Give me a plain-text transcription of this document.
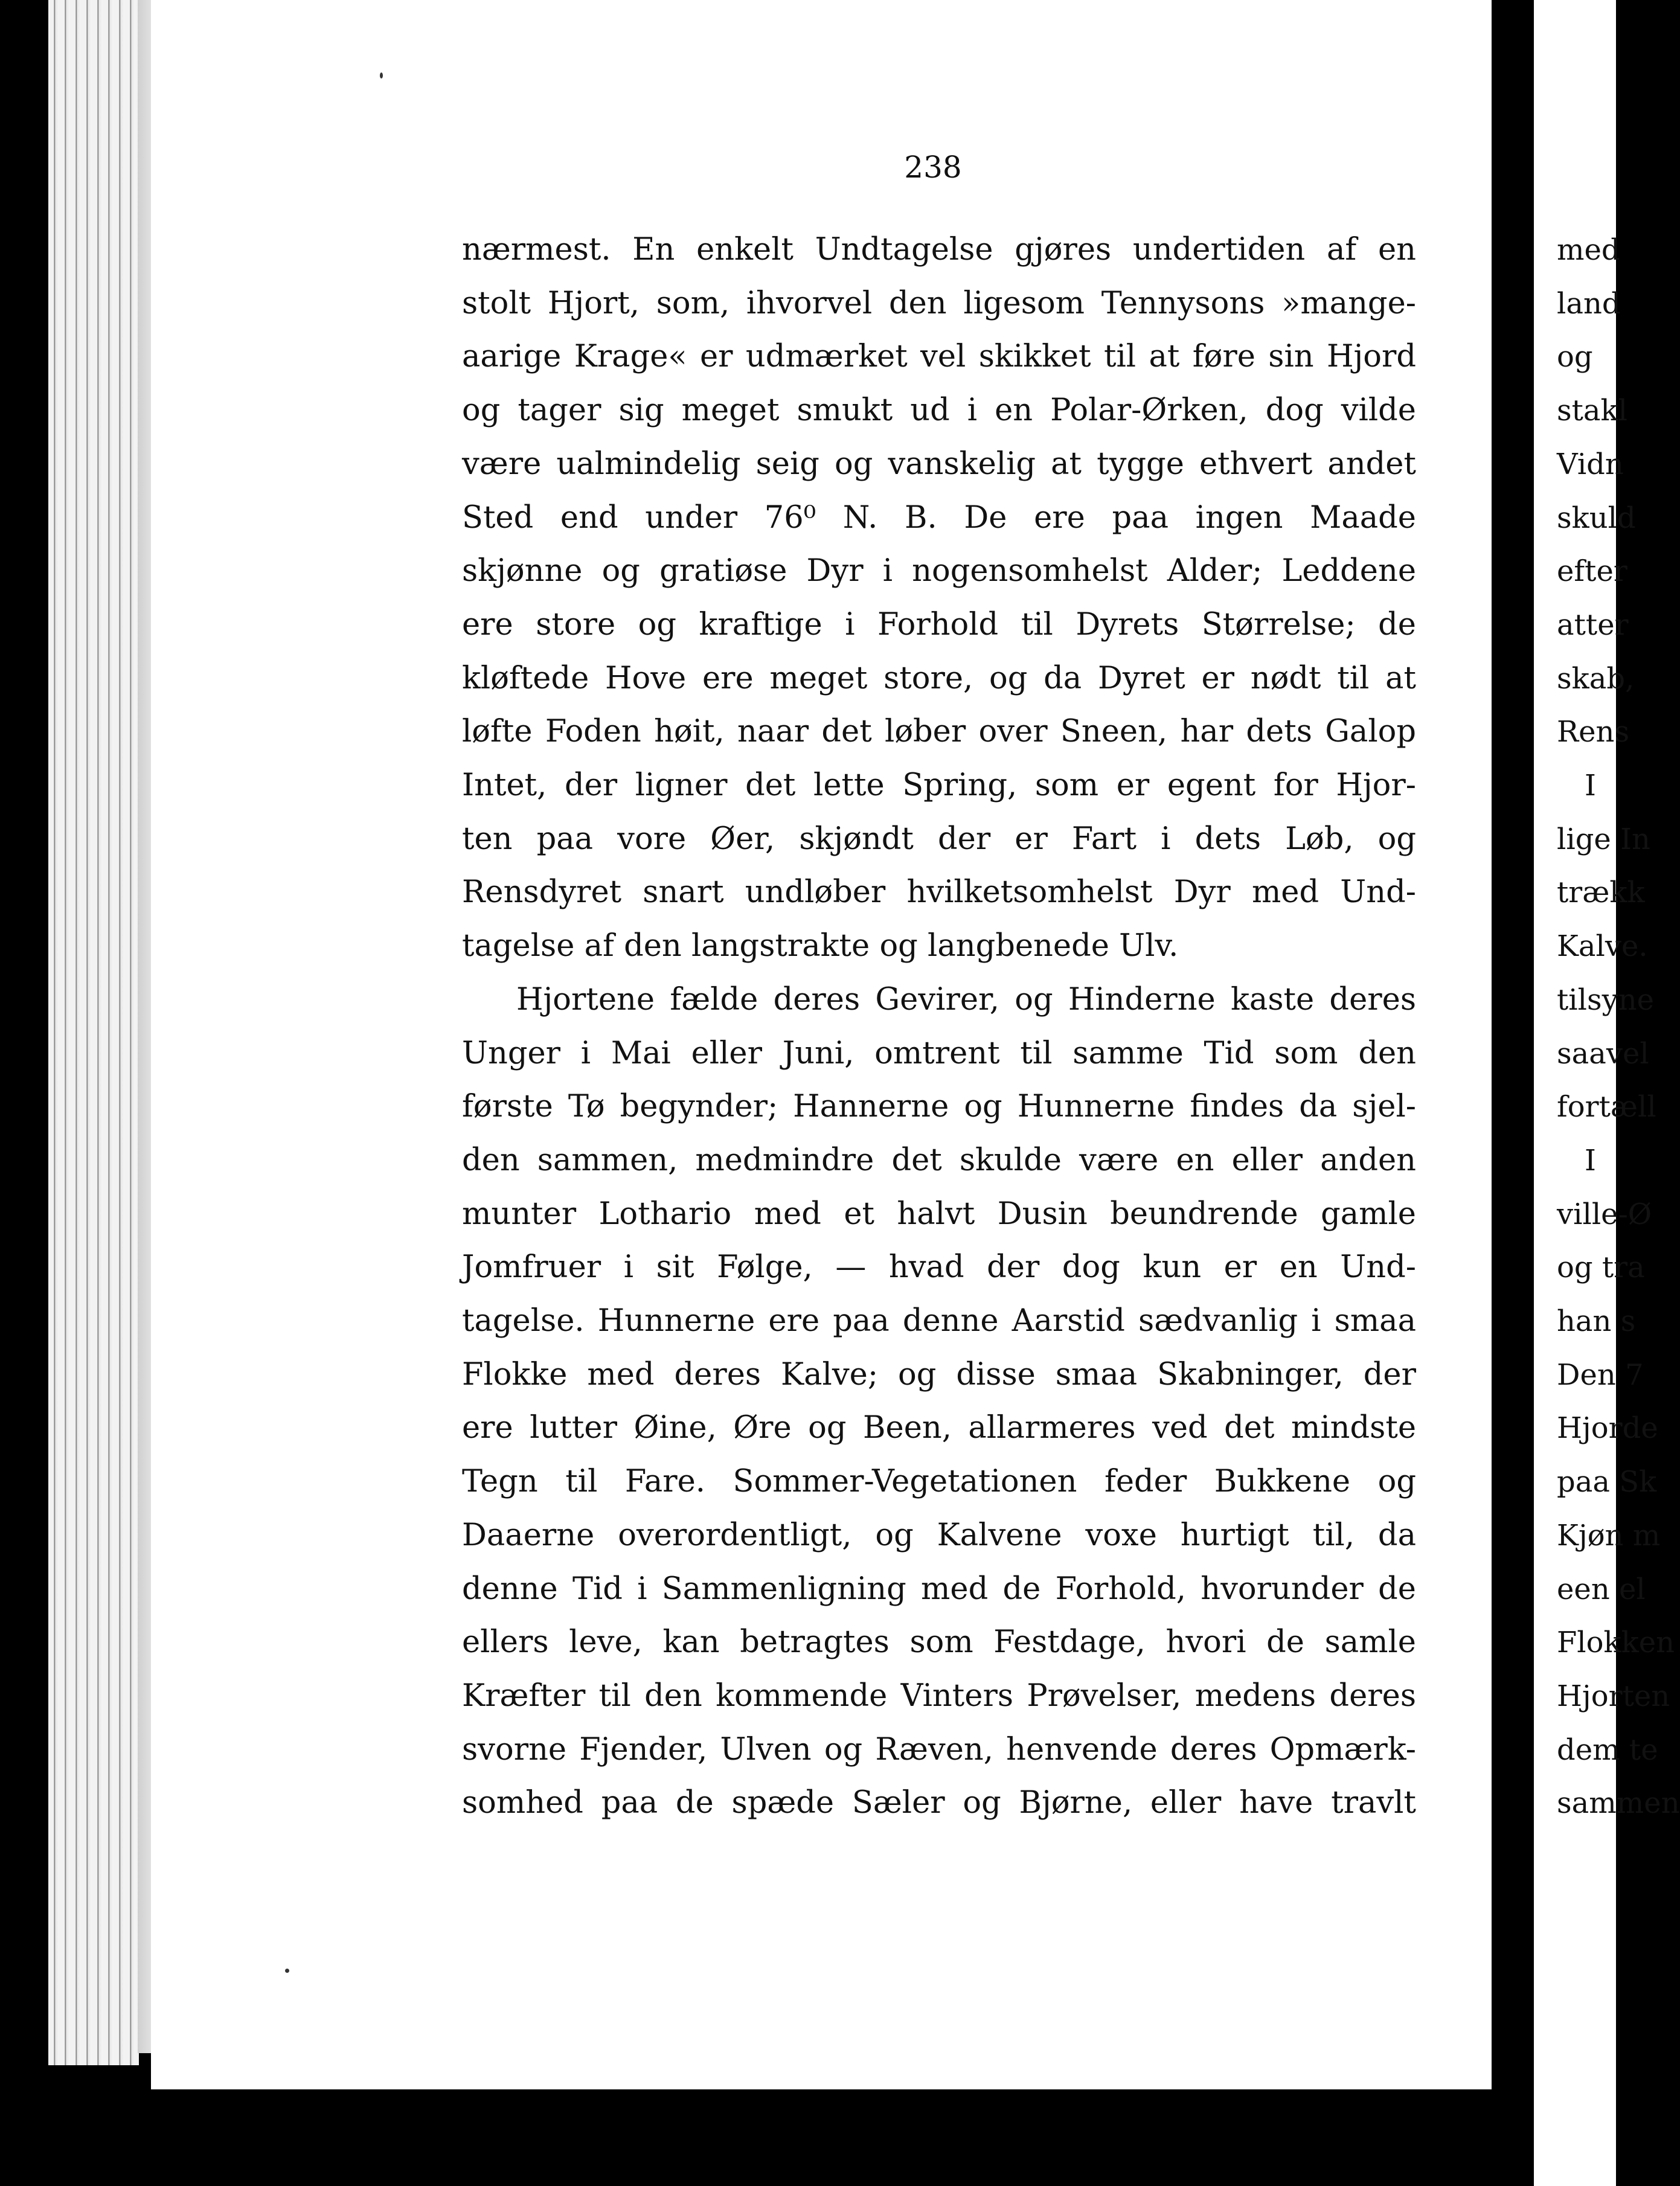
238
nærmest. En enkelt Undtagelse gjøres undertiden af en
stolt Hjort, som, ihvorvel den ligesom Tennysons »mange-
aarige Krage« er udmærket vel skikket til at føre sin Hjord
og tager sig meget smukt ud i en Polar-Ørken, dog vilde
være ualmindelig seig og vanskelig at tygge ethvert andet
Sted end under 76⁰ N. B. De ere paa ingen Maade
skjønne og gratiøse Dyr i nogensomhelst Alder; Leddene
ere store og kraftige i Forhold til Dyrets Størrelse; de
kløftede Hove ere meget store, og da Dyret er nødt til at
løfte Foden høit, naar det løber over Sneen, har dets Galop
Intet, der ligner det lette Spring, som er egent for Hjor-
ten paa vore Øer, skjøndt der er Fart i dets Løb, og
Rensdyret snart undløber hvilketsomhelst Dyr med Und-
tagelse af den langstrakte og langbenede Ulv.
Hjortene fælde deres Gevirer, og Hinderne kaste deres
Unger i Mai eller Juni, omtrent til samme Tid som den
første Tø begynder; Hannerne og Hunnerne findes da sjel-
den sammen, medmindre det skulde være en eller anden
munter Lothario med et halvt Dusin beundrende gamle
Jomfruer i sit Følge, — hvad der dog kun er en Und-
tagelse. Hunnerne ere paa denne Aarstid sædvanlig i smaa
Flokke med deres Kalve; og disse smaa Skabninger, der
ere lutter Øine, Øre og Been, allarmeres ved det mindste
Tegn til Fare. Sommer-Vegetationen feder Bukkene og
Daaerne overordentligt, og Kalvene voxe hurtigt til, da
denne Tid i Sammenligning med de Forhold, hvorunder de
ellers leve, kan betragtes som Festdage, hvori de samle
Kræfter til den kommende Vinters Prøvelser, medens deres
svorne Fjender, Ulven og Ræven, henvende deres Opmærk-
somhed paa de spæde Sæler og Bjørne, eller have travlt
med
land
og
stakl
Vidn
skuld
efter
atter
skab,
Rens
I
lige In
trækk
Kalve.
tilsyne
saavel
fortæll
I
ville-Ø
og tra
han s
Den 7
Hjorde
paa Sk
Kjøn m
een el
Flokken
Hjorten
dem te
sammen
